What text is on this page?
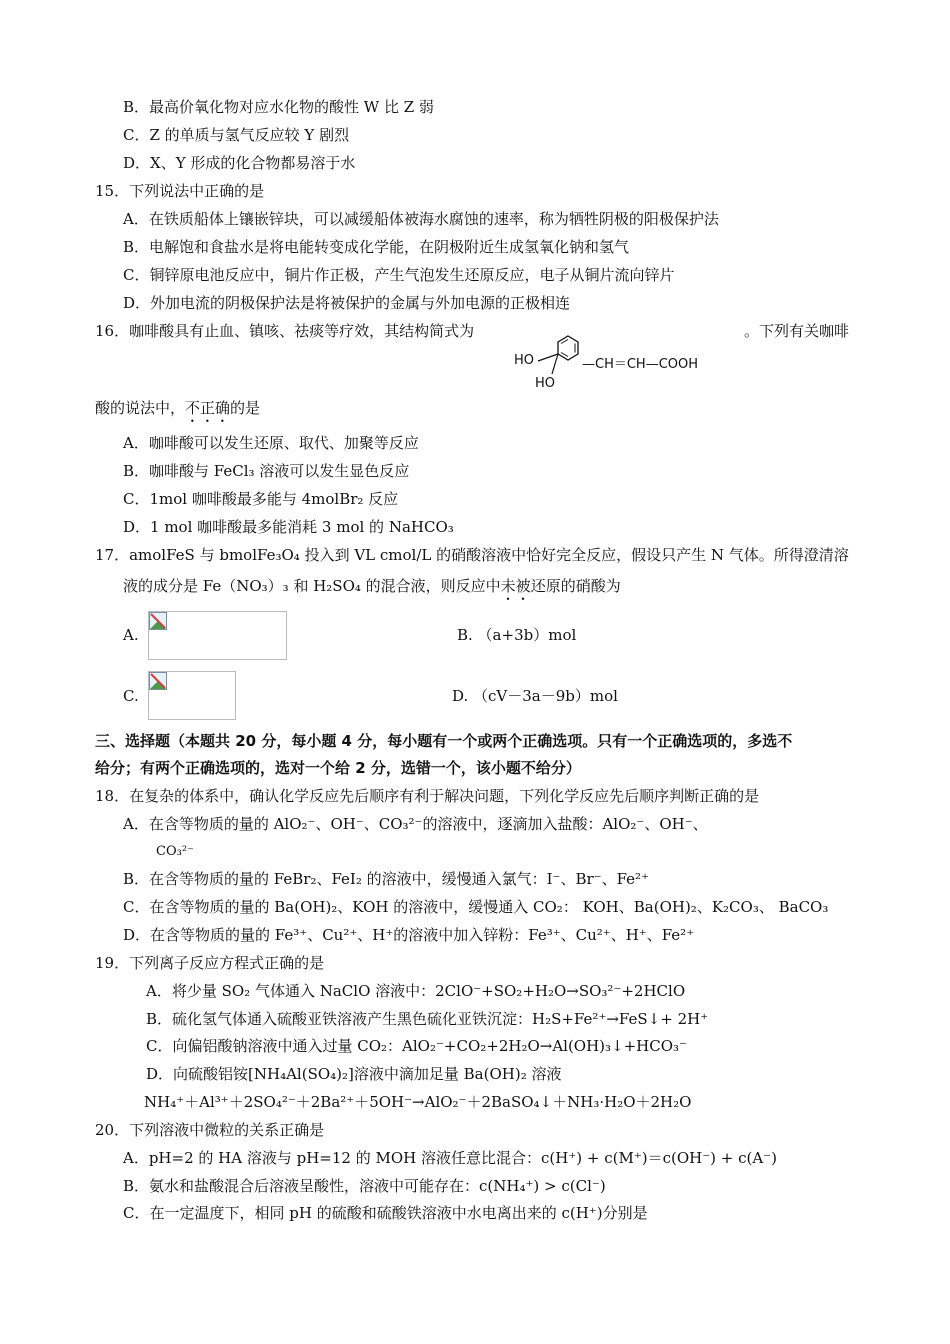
B．最高价氧化物对应水化物的酸性 W 比 Z 弱
C．Z 的单质与氢气反应较 Y 剧烈
D．X、Y 形成的化合物都易溶于水
15．下列说法中正确的是
A．在铁质船体上镶嵌锌块，可以减缓船体被海水腐蚀的速率，称为牺牲阴极的阳极保护法
B．电解饱和食盐水是将电能转变成化学能，在阴极附近生成氢氧化钠和氢气
C．铜锌原电池反应中，铜片作正极，产生气泡发生还原反应，电子从铜片流向锌片
D．外加电流的阴极保护法是将被保护的金属与外加电源的正极相连
16．咖啡酸具有止血、镇咳、祛痰等疗效，其结构简式为	。下列有关咖啡
HO	—CH＝CH—COOH
HO
酸的说法中，不正确的是
A．咖啡酸可以发生还原、取代、加聚等反应
B．咖啡酸与 FeCl₃ 溶液可以发生显色反应
C．1mol 咖啡酸最多能与 4molBr₂ 反应
D．1 mol 咖啡酸最多能消耗 3 mol 的 NaHCO₃
17．amolFeS 与 bmolFe₃O₄ 投入到 VL cmol/L 的硝酸溶液中恰好完全反应，假设只产生 N 气体。所得澄清溶
液的成分是 Fe（NO₃）₃ 和 H₂SO₄ 的混合液，则反应中未被还原的硝酸为
A.	B. （a+3b）mol
C.	D. （cV－3a－9b）mol
三、选择题（本题共 20 分，每小题 4 分，每小题有一个或两个正确选项。只有一个正确选项的，多选不
给分；有两个正确选项的，选对一个给 2 分，选错一个，该小题不给分）
18．在复杂的体系中，确认化学反应先后顺序有利于解决问题，下列化学反应先后顺序判断正确的是
A．在含等物质的量的 AlO₂⁻、OH⁻、CO₃²⁻的溶液中，逐滴加入盐酸：AlO₂⁻、OH⁻、
CO₃²⁻
B．在含等物质的量的 FeBr₂、FeI₂ 的溶液中，缓慢通入氯气：I⁻、Br⁻、Fe²⁺
C．在含等物质的量的 Ba(OH)₂、KOH 的溶液中，缓慢通入 CO₂： KOH、Ba(OH)₂、K₂CO₃、 BaCO₃
D．在含等物质的量的 Fe³⁺、Cu²⁺、H⁺的溶液中加入锌粉：Fe³⁺、Cu²⁺、H⁺、Fe²⁺
19．下列离子反应方程式正确的是
A．将少量 SO₂ 气体通入 NaClO 溶液中：2ClO⁻+SO₂+H₂O→SO₃²⁻+2HClO
B．硫化氢气体通入硫酸亚铁溶液产生黑色硫化亚铁沉淀：H₂S+Fe²⁺→FeS↓+ 2H⁺
C．向偏铝酸钠溶液中通入过量 CO₂：AlO₂⁻+CO₂+2H₂O→Al(OH)₃↓+HCO₃⁻
D．向硫酸铝铵[NH₄Al(SO₄)₂]溶液中滴加足量 Ba(OH)₂ 溶液
NH₄⁺＋Al³⁺＋2SO₄²⁻＋2Ba²⁺＋5OH⁻→AlO₂⁻＋2BaSO₄↓＋NH₃·H₂O＋2H₂O
20．下列溶液中微粒的关系正确是
A．pH=2 的 HA 溶液与 pH=12 的 MOH 溶液任意比混合：c(H⁺) + c(M⁺)＝c(OH⁻) + c(A⁻)
B．氨水和盐酸混合后溶液呈酸性，溶液中可能存在：c(NH₄⁺) > c(Cl⁻)
C．在一定温度下，相同 pH 的硫酸和硫酸铁溶液中水电离出来的 c(H⁺)分别是
